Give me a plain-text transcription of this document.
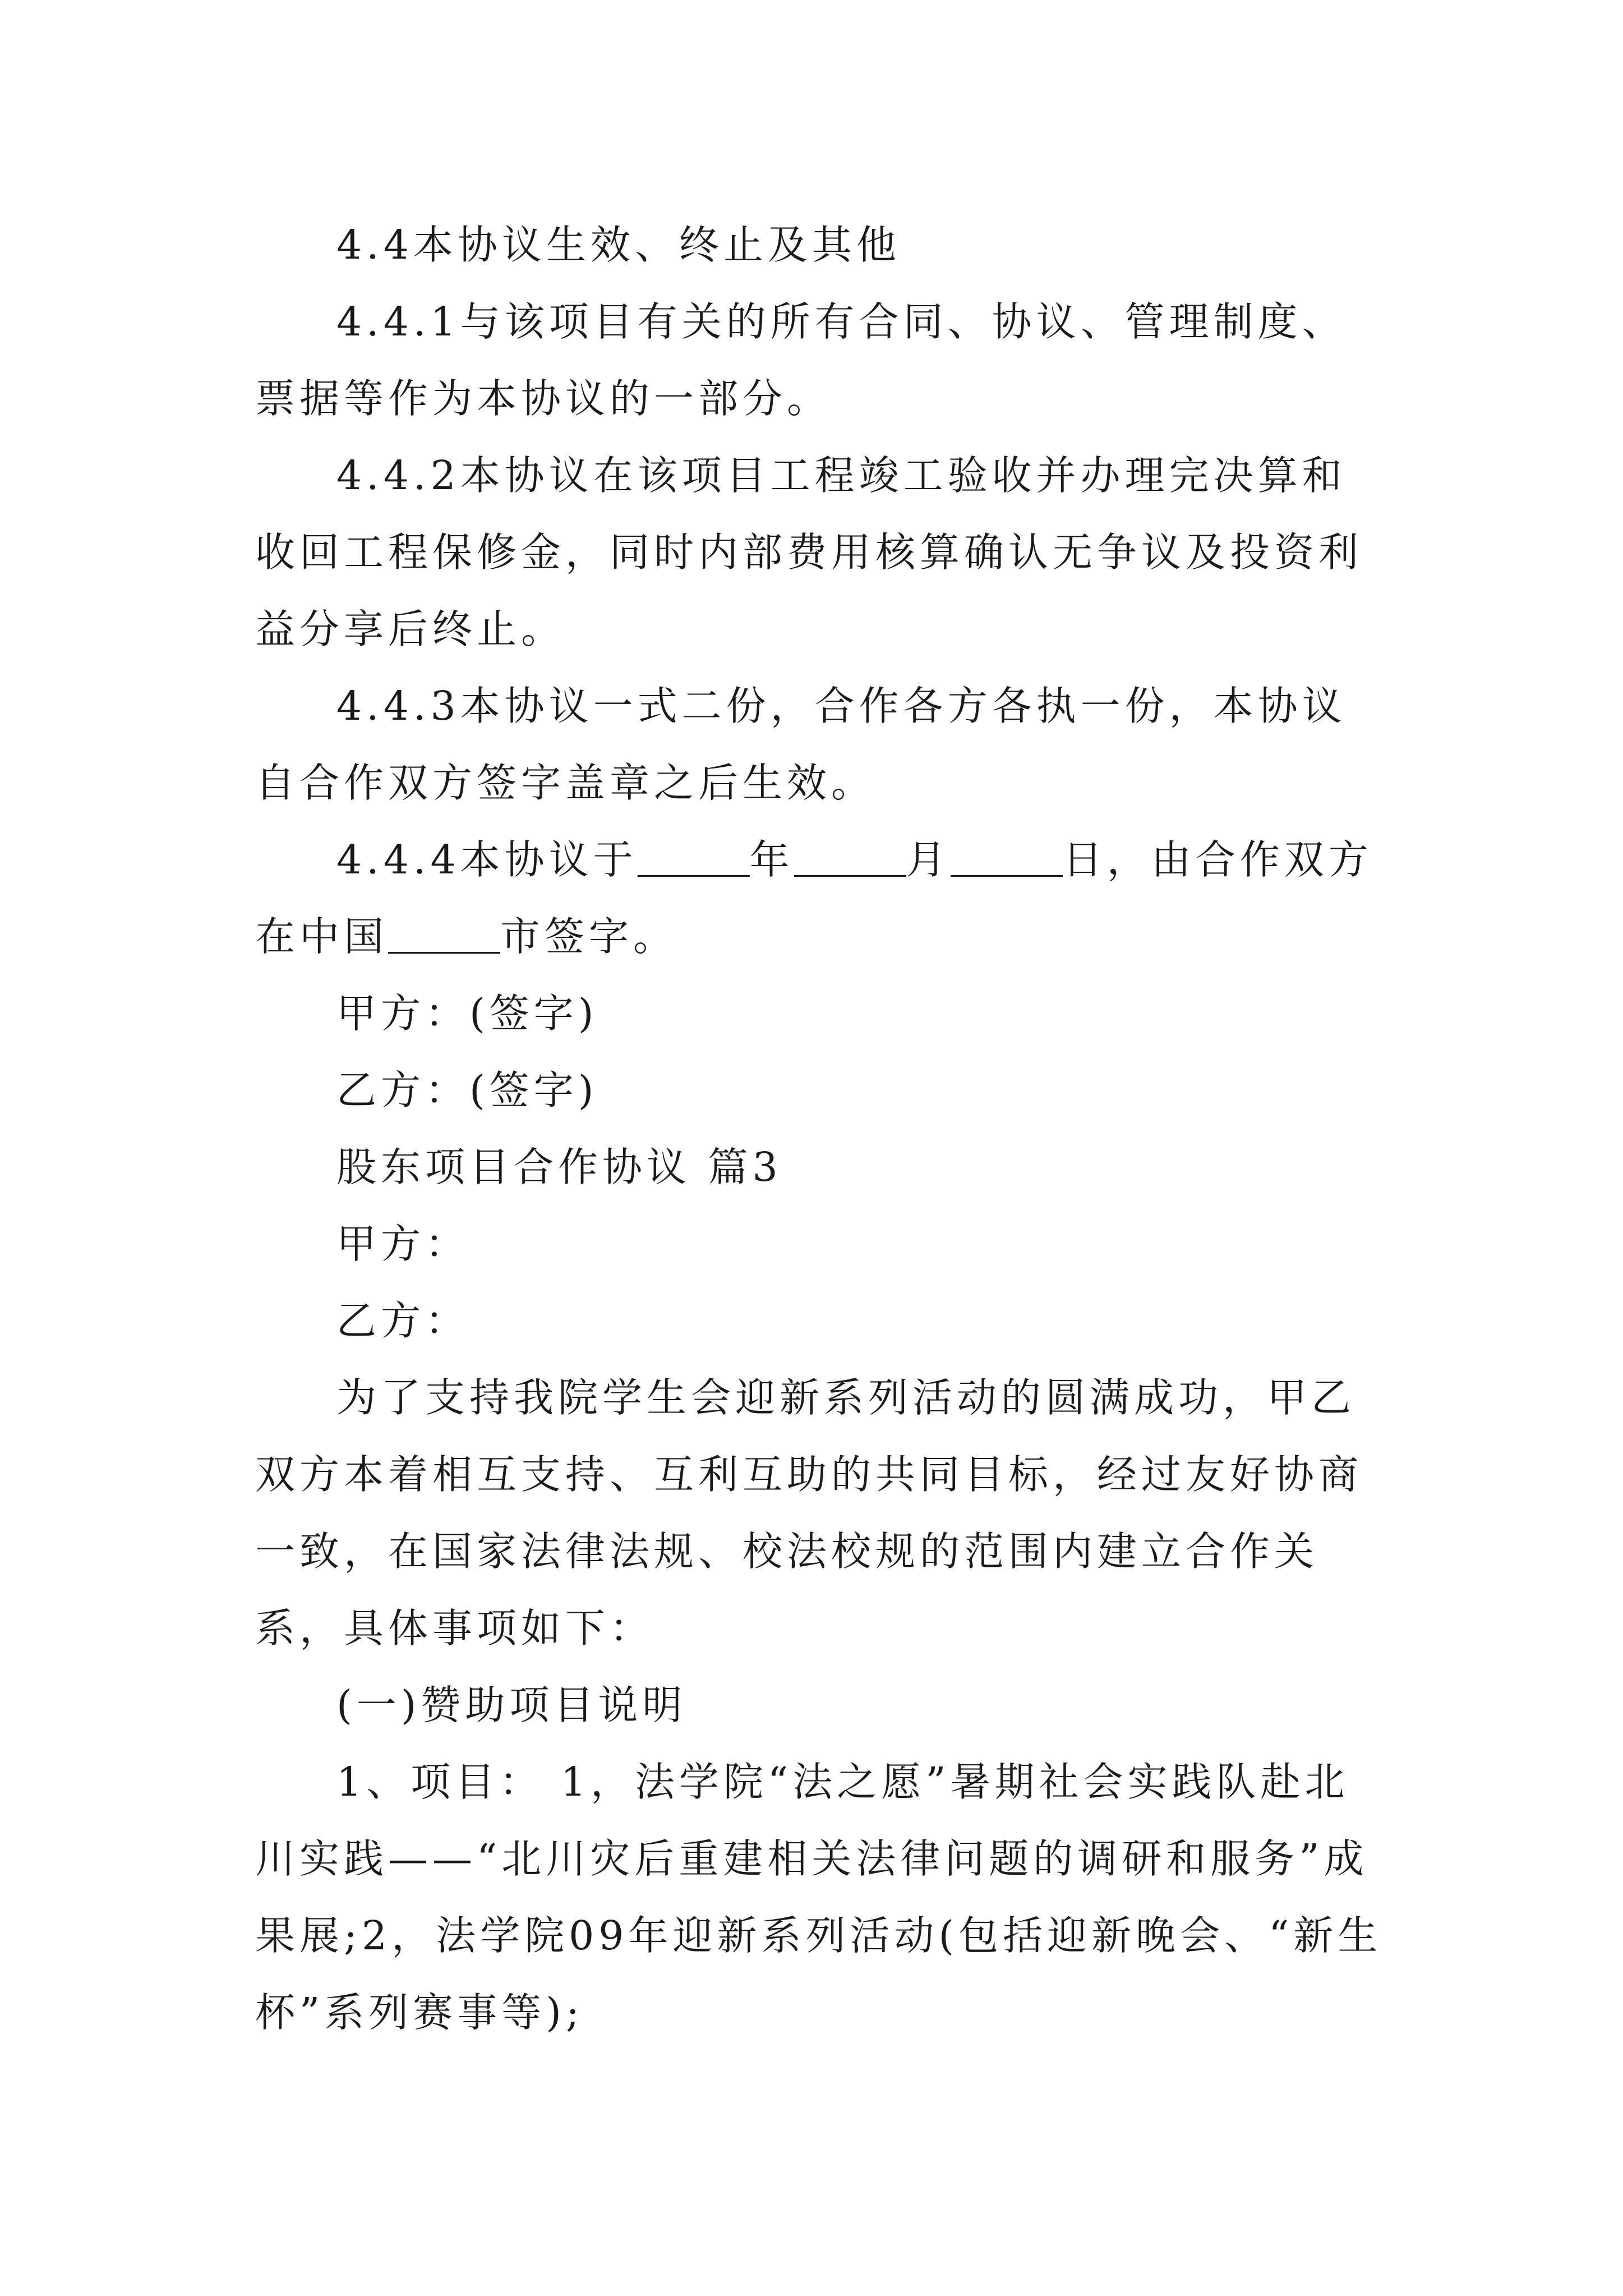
4.4本协议生效、终止及其他
4.4.1与该项目有关的所有合同、协议、管理制度、票据等作为本协议的一部分。
4.4.2本协议在该项目工程竣工验收并办理完决算和收回工程保修金，同时内部费用核算确认无争议及投资利益分享后终止。
4.4.3本协议一式二份，合作各方各执一份，本协议自合作双方签字盖章之后生效。
4.4.4本协议于	年	月	日，由合作双方在中国	市签字。
甲方：(签字)
乙方：(签字)
股东项目合作协议 篇3
甲方：
乙方：
为了支持我院学生会迎新系列活动的圆满成功，甲乙双方本着相互支持、互利互助的共同目标，经过友好协商一致，在国家法律法规、校法校规的范围内建立合作关系，具体事项如下：
(一)赞助项目说明
1、项目： 1，法学院“法之愿”暑期社会实践队赴北川实践——“北川灾后重建相关法律问题的调研和服务”成果展;2，法学院09年迎新系列活动(包括迎新晚会、“新生杯”系列赛事等);
